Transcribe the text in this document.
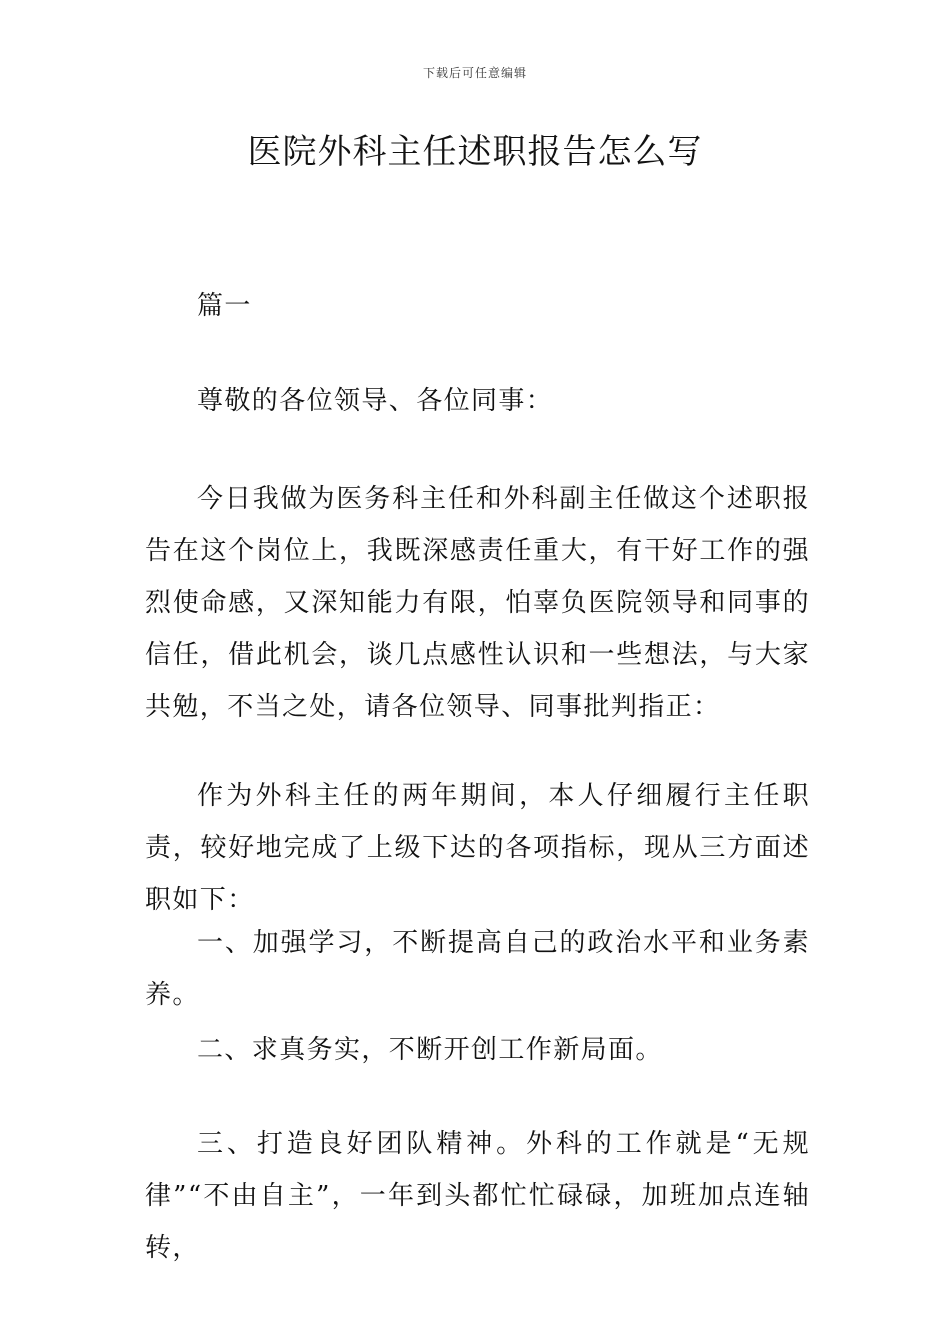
下载后可任意编辑
医院外科主任述职报告怎么写

篇一

尊敬的各位领导、各位同事：

今日我做为医务科主任和外科副主任做这个述职报告在这个岗位上，我既深感责任重大，有干好工作的强烈使命感，又深知能力有限，怕辜负医院领导和同事的信任，借此机会，谈几点感性认识和一些想法，与大家共勉，不当之处，请各位领导、同事批判指正：

作为外科主任的两年期间，本人仔细履行主任职责，较好地完成了上级下达的各项指标，现从三方面述职如下：

一、加强学习，不断提高自己的政治水平和业务素养。

二、求真务实，不断开创工作新局面。

三、打造良好团队精神。外科的工作就是“无规律”“不由自主”，一年到头都忙忙碌碌，加班加点连轴转，
